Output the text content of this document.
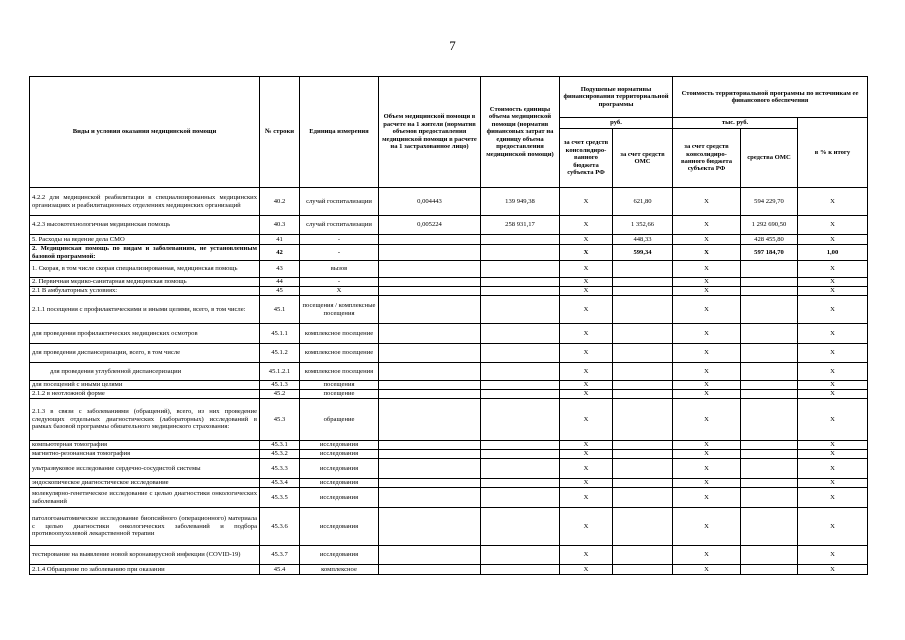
7
Виды и условия оказания медицинской помощи	№ строки	Единица измерения	Объем медицинской помощи в расчете на 1 жителя (норматив объемов предоставления медицинской помощи в расчете на 1 застрахованное лицо)	Стоимость единицы объема медицинской помощи (норматив финансовых затрат на единицу объема предоставления медицинской помощи)	Подушевые нормативы финансирования территориальной программы		Стоимость территориальной программы по источникам ее финансового обеспечения		
					руб.		тыс. руб.		в % к итогу
					за счет средств консолидиро-ванного бюджета субъекта РФ	за счет средств ОМС	за счет средств консолидиро-ванного бюджета субъекта РФ	средства ОМС	
4.2.2 для медицинской реабилитации в специализированных медицинских организациях и реабилитационных отделениях медицинских организаций	40.2	случай госпитализации	0,004443	139 949,38	X	621,80	X	594 229,70	X
4.2.3 высокотехнологичная медицинская помощь	40.3	случай госпитализации	0,005224	258 931,17	X	1 352,66	X	1 292 690,50	X
5. Расходы на ведение дела СМО	41	-			X	448,33	X	428 455,80	X
2. Медицинская помощь по видам и заболеваниям, не установленным базовой программой:	42	-			X	599,34	X	597 184,70	1,00
1. Скорая, в том числе скорая специализированная, медицинская помощь	43	вызов			X		X		X
2. Первичная медико-санитарная медицинская помощь	44	-			X		X		X
2.1 В амбулаторных условиях:	45	X			X		X		X
2.1.1 посещения с профилактическими и иными целями, всего, в том числе:	45.1	посещения / комплексные посещения			X		X		X
для проведения профилактических медицинских осмотров	45.1.1	комплексное посещение			X		X		X
для проведения диспансеризации, всего, в том числе	45.1.2	комплексное посещение			X		X		X
для проведения углубленной диспансеризации	45.1.2.1	комплексное посещения			X		X		X
для посещений с иными целями	45.1.3	посещения			X		X		X
2.1.2 в неотложной форме	45.2	посещение			X		X		X
2.1.3 в связи с заболеваниями (обращений), всего, из них проведение следующих отдельных диагностических (лабораторных) исследований в рамках базовой программы обязательного медицинского страхования:	45.3	обращение			X		X		X
компьютерная томография	45.3.1	исследования			X		X		X
магнитно-резонансная томография	45.3.2	исследования			X		X		X
ультразвуковое исследование сердечно-сосудистой системы	45.3.3	исследования			X		X		X
эндоскопическое диагностическое исследование	45.3.4	исследования			X		X		X
молекулярно-генетическое исследование с целью диагностики онкологических заболеваний	45.3.5	исследования			X		X		X
патологоанатомическое исследование биопсийного (операционного) материала с целью диагностики онкологических заболеваний и подбора противоопухолевой лекарственной терапии	45.3.6	исследования			X		X		X
тестирование на выявление новой коронавирусной инфекции (COVID-19)	45.3.7	исследования			X		X		X
2.1.4 Обращение по заболеванию при оказании	45.4	комплексное			X		X		X
